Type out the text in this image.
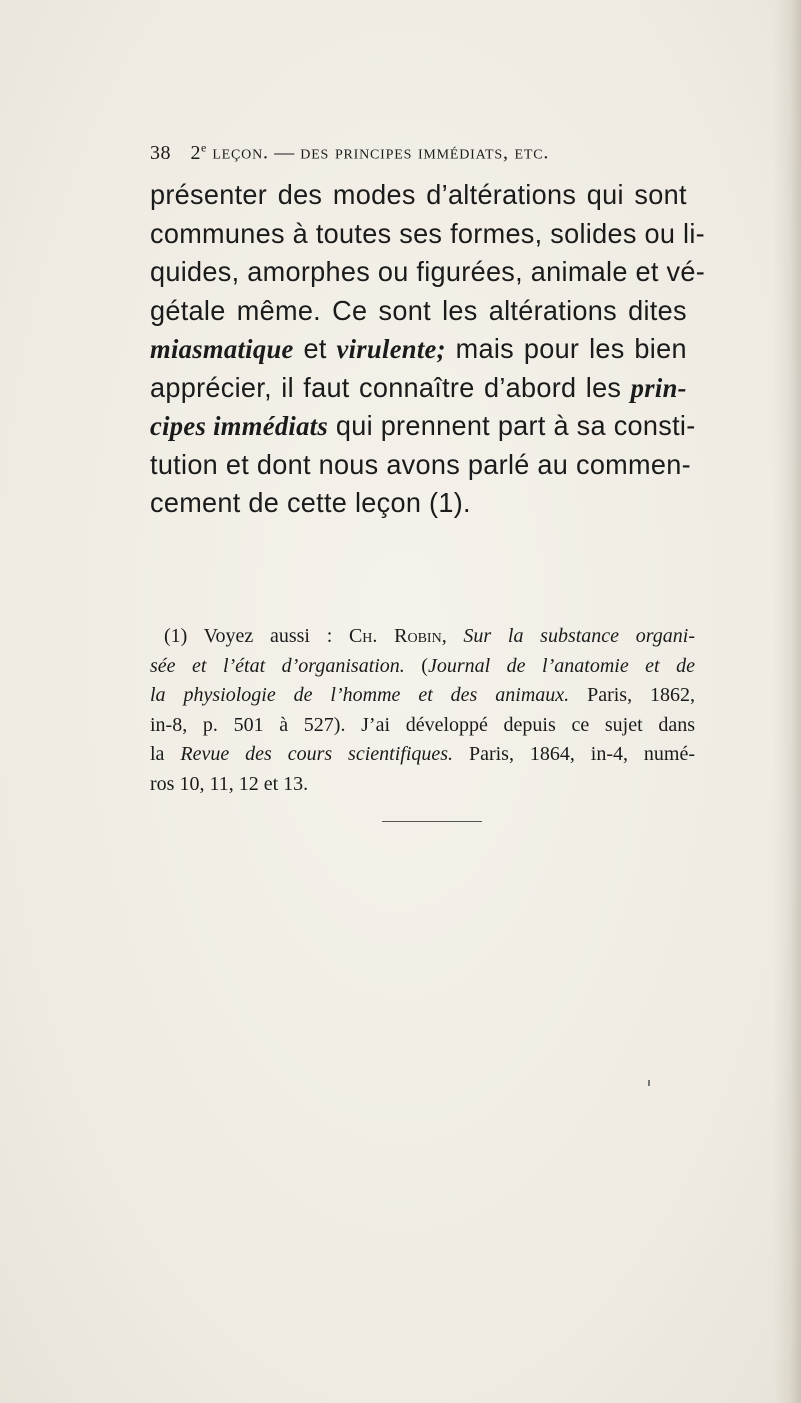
38 2e leçon. — des principes immédiats, etc.
présenter des modes d’altérations qui sont
communes à toutes ses formes, solides ou li-
quides, amorphes ou figurées, animale et vé-
gétale même. Ce sont les altérations dites
miasmatique et virulente; mais pour les bien
apprécier, il faut connaître d’abord les prin-
cipes immédiats qui prennent part à sa consti-
tution et dont nous avons parlé au commen-
cement de cette leçon (1).
(1) Voyez aussi : Ch. Robin, Sur la substance organi-
sée et l’état d’organisation. (Journal de l’anatomie et de
la physiologie de l’homme et des animaux. Paris, 1862,
in-8, p. 501 à 527). J’ai développé depuis ce sujet dans
la Revue des cours scientifiques. Paris, 1864, in-4, numé-
ros 10, 11, 12 et 13.
